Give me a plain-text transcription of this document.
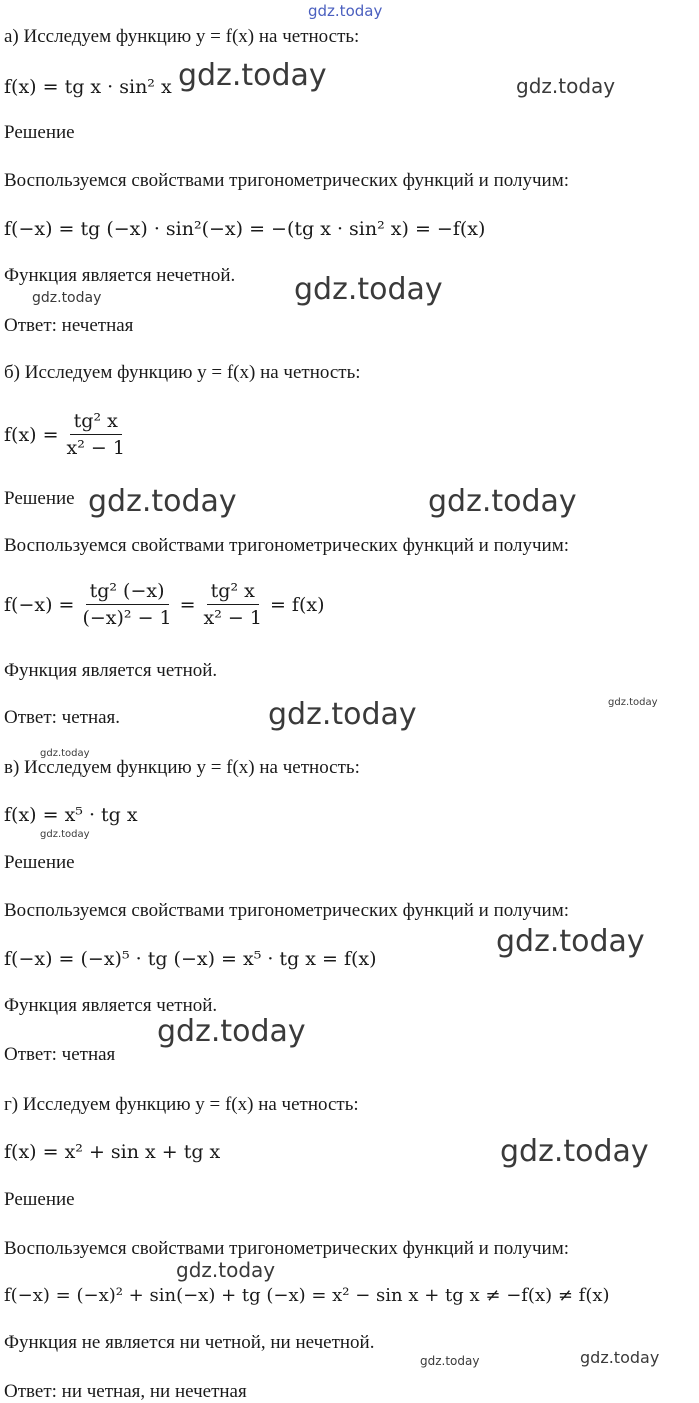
а) Исследуем функцию y = f(x) на четность:
f(x) = tg x · sin² x
Решение
Воспользуемся свойствами тригонометрических функций и получим:
f(−x) = tg (−x) · sin²(−x) = −(tg x · sin² x) = −f(x)
Функция является нечетной.
Ответ: нечетная
б) Исследуем функцию y = f(x) на четность:
$f(x) = \frac{\text{tg² x}}{\text{x² − 1}}$
Решение
Воспользуемся свойствами тригонометрических функций и получим:
$f(-x) = \frac{\text{tg² (−x)}}{\text{(−x)² − 1}} = \frac{\text{tg² x}}{\text{x² − 1}} = f(x)$
Функция является четной.
Ответ: четная.
в) Исследуем функцию y = f(x) на четность:
f(x) = x⁵ · tg x
Решение
Воспользуемся свойствами тригонометрических функций и получим:
f(−x) = (−x)⁵ · tg (−x) = x⁵ · tg x = f(x)
Функция является четной.
Ответ: четная
г) Исследуем функцию y = f(x) на четность:
f(x) = x² + sin x + tg x
Решение
Воспользуемся свойствами тригонометрических функций и получим:
f(−x) = (−x)² + sin(−x) + tg (−x) = x² − sin x + tg x ≠ −f(x) ≠ f(x)
Функция не является ни четной, ни нечетной.
Ответ: ни четная, ни нечетная
gdz.today
gdz.today	gdz.today
gdz.today
gdz.today
gdz.today	gdz.today
gdz.today
gdz.today
gdz.today
gdz.today
gdz.today
gdz.today
gdz.today
gdz.today
gdz.today	gdz.today
